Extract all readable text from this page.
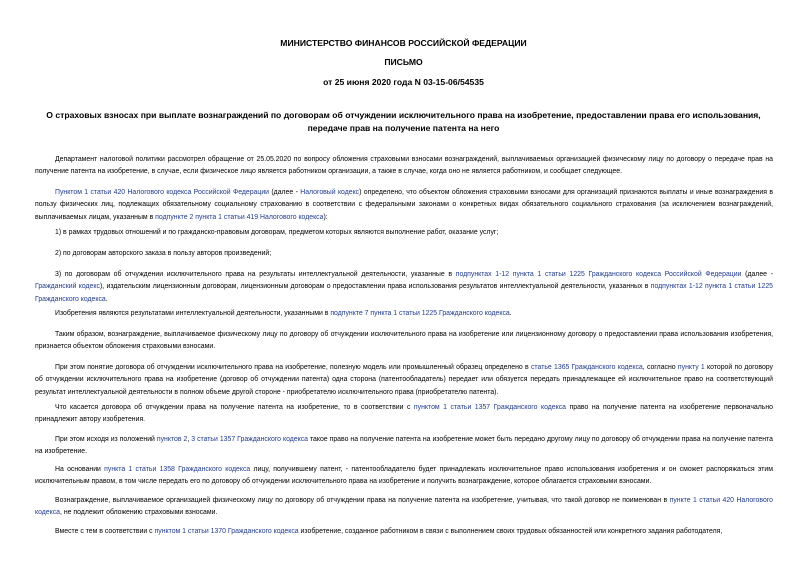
МИНИСТЕРСТВО ФИНАНСОВ РОССИЙСКОЙ ФЕДЕРАЦИИ
ПИСЬМО
от 25 июня 2020 года N 03-15-06/54535
О страховых взносах при выплате вознаграждений по договорам об отчуждении исключительного права на изобретение, предоставлении права его использования, передаче прав на получение патента на него
Департамент налоговой политики рассмотрел обращение от 25.05.2020 по вопросу обложения страховыми взносами вознаграждений, выплачиваемых организацией физическому лицу по договору о передаче прав на получение патента на изобретение, в случае, если физическое лицо является работником организации, а также в случае, когда оно не является работником, и сообщает следующее.
Пунктом 1 статьи 420 Налогового кодекса Российской Федерации (далее - Налоговый кодекс) определено, что объектом обложения страховыми взносами для организаций признаются выплаты и иные вознаграждения в пользу физических лиц, подлежащих обязательному социальному страхованию в соответствии с федеральными законами о конкретных видах обязательного социального страхования (за исключением вознаграждений, выплачиваемых лицам, указанным в подпункте 2 пункта 1 статьи 419 Налогового кодекса):
1) в рамках трудовых отношений и по гражданско-правовым договорам, предметом которых являются выполнение работ, оказание услуг;
2) по договорам авторского заказа в пользу авторов произведений;
3) по договорам об отчуждении исключительного права на результаты интеллектуальной деятельности, указанные в подпунктах 1-12 пункта 1 статьи 1225 Гражданского кодекса Российской Федерации (далее - Гражданский кодекс), издательским лицензионным договорам, лицензионным договорам о предоставлении права использования результатов интеллектуальной деятельности, указанных в подпунктах 1-12 пункта 1 статьи 1225 Гражданского кодекса.
Изобретения являются результатами интеллектуальной деятельности, указанными в подпункте 7 пункта 1 статьи 1225 Гражданского кодекса.
Таким образом, вознаграждение, выплачиваемое физическому лицу по договору об отчуждении исключительного права на изобретение или лицензионному договору о предоставлении права использования изобретения, признается объектом обложения страховыми взносами.
При этом понятие договора об отчуждении исключительного права на изобретение, полезную модель или промышленный образец определено в статье 1365 Гражданского кодекса, согласно пункту 1 которой по договору об отчуждении исключительного права на изобретение (договор об отчуждении патента) одна сторона (патентообладатель) передает или обязуется передать принадлежащее ей исключительное право на соответствующий результат интеллектуальной деятельности в полном объеме другой стороне - приобретателю исключительного права (приобретателю патента).
Что касается договора об отчуждении права на получение патента на изобретение, то в соответствии с пунктом 1 статьи 1357 Гражданского кодекса право на получение патента на изобретение первоначально принадлежит автору изобретения.
При этом исходя из положений пунктов 2, 3 статьи 1357 Гражданского кодекса такое право на получение патента на изобретение может быть передано другому лицу по договору об отчуждении права на получение патента на изобретение.
На основании пункта 1 статьи 1358 Гражданского кодекса лицу, получившему патент, - патентообладателю будет принадлежать исключительное право использования изобретения и он сможет распоряжаться этим исключительным правом, в том числе передать его по договору об отчуждении исключительного права на изобретение и получить вознаграждение, которое облагается страховыми взносами.
Вознаграждение, выплачиваемое организацией физическому лицу по договору об отчуждении права на получение патента на изобретение, учитывая, что такой договор не поименован в пункте 1 статьи 420 Налогового кодекса, не подлежит обложению страховыми взносами.
Вместе с тем в соответствии с пунктом 1 статьи 1370 Гражданского кодекса изобретение, созданное работником в связи с выполнением своих трудовых обязанностей или конкретного задания работодателя,
